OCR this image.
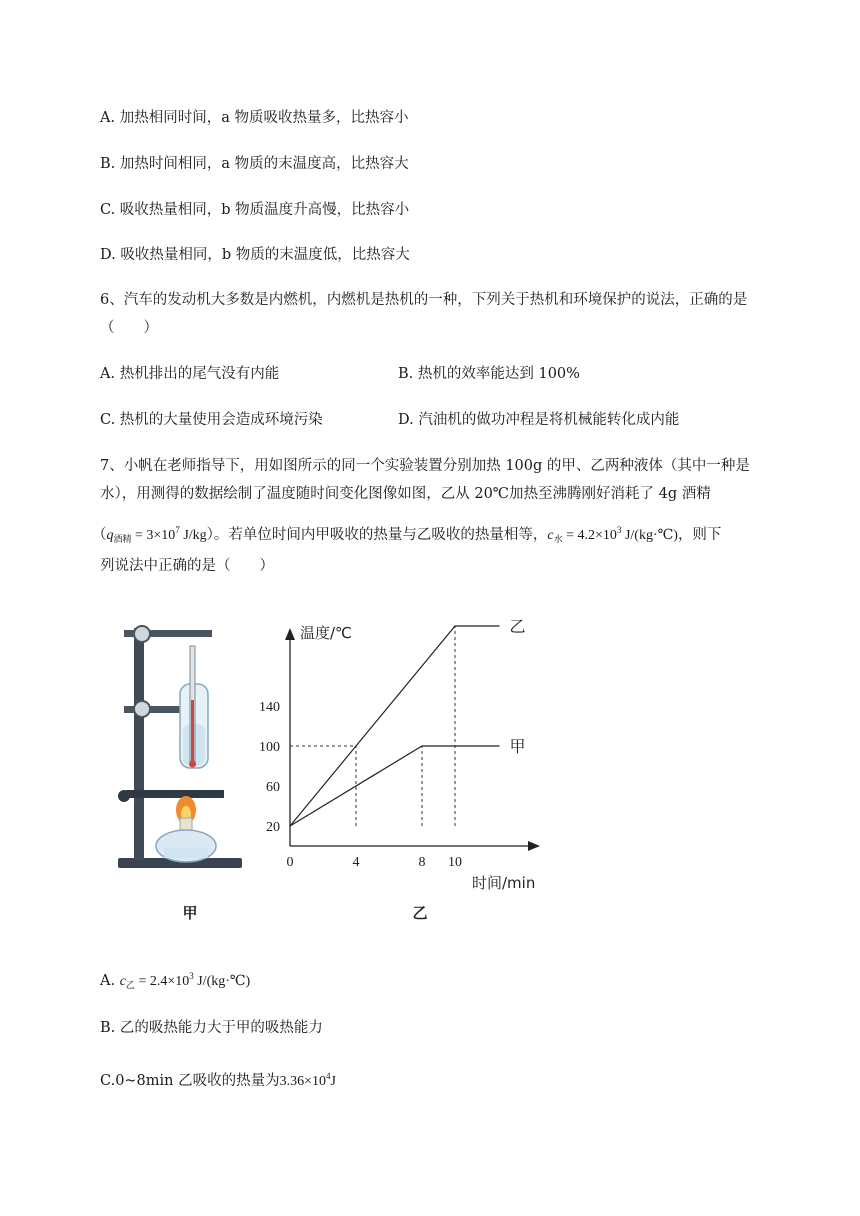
A. 加热相同时间，a 物质吸收热量多，比热容小
B. 加热时间相同，a 物质的末温度高，比热容大
C. 吸收热量相同，b 物质温度升高慢，比热容小
D. 吸收热量相同，b 物质的末温度低，比热容大
6、汽车的发动机大多数是内燃机，内燃机是热机的一种，下列关于热机和环境保护的说法，正确的是
（　　）
A. 热机排出的尾气没有内能	B. 热机的效率能达到 100%
C. 热机的大量使用会造成环境污染	D. 汽油机的做功冲程是将机械能转化成内能
7、小帆在老师指导下，用如图所示的同一个实验装置分别加热 100g 的甲、乙两种液体（其中一种是
水），用测得的数据绘制了温度随时间变化图像如图，乙从 20℃加热至沸腾刚好消耗了 4g 酒精
（$q_{酒精} = 3\times 10^7$ J/kg）。若单位时间内甲吸收的热量与乙吸收的热量相等，$c_水 = 4.2\times 10^3$ J/(kg·℃)，则下
列说法中正确的是（　　）
甲
乙
甲
0	4	8 10
20
60
100
140
温度/℃
时间/min
乙
A. $c_乙 = 2.4\times 10^3$ J/(kg·℃)
B. 乙的吸热能力大于甲的吸热能力
C.0~8min 乙吸收的热量为$3.36\times 10^4J$
